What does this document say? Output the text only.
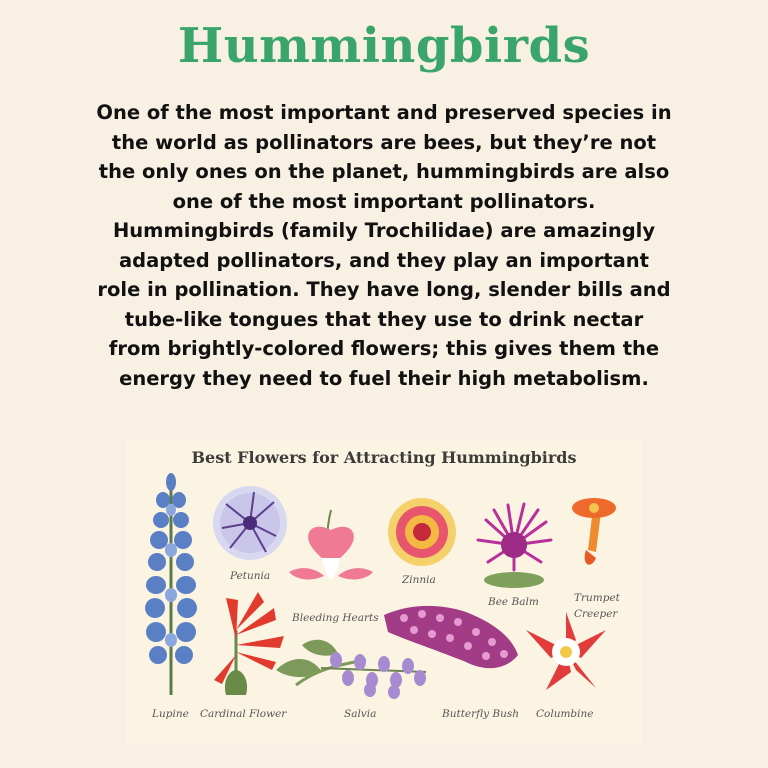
Hummingbirds
One of the most important and preserved species in
the world as pollinators are bees, but they’re not
the only ones on the planet, hummingbirds are also
one of the most important pollinators.
Hummingbirds (family Trochilidae) are amazingly
adapted pollinators, and they play an important
role in pollination. They have long, slender bills and
tube-like tongues that they use to drink nectar
from brightly-colored flowers; this gives them the
energy they need to fuel their high metabolism.
Best Flowers for Attracting Hummingbirds
Petunia
Bleeding Hearts
Zinnia
Bee Balm	Trumpet
Creeper
Lupine Cardinal Flower	Salvia	Butterfly Bush Columbine
